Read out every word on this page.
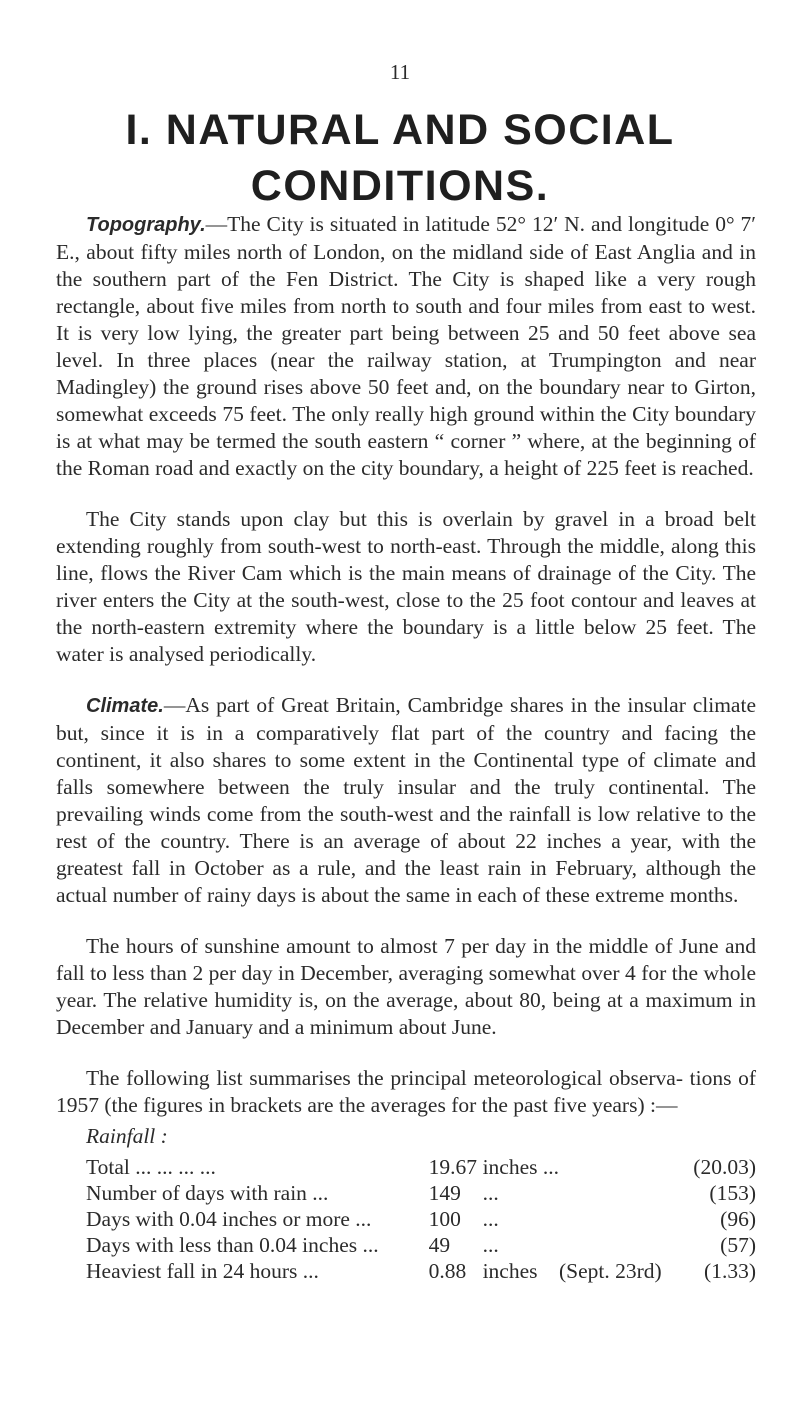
11
I. NATURAL AND SOCIAL
CONDITIONS.

Topography.—The City is situated in latitude 52° 12′ N. and longitude 0° 7′ E., about fifty miles north of London, on the midland side of East Anglia and in the southern part of the Fen District. The City is shaped like a very rough rectangle, about five miles from north to south and four miles from east to west. It is very low lying, the greater part being between 25 and 50 feet above sea level. In three places (near the railway station, at Trumpington and near Madingley) the ground rises above 50 feet and, on the boundary near to Girton, somewhat exceeds 75 feet. The only really high ground within the City boundary is at what may be termed the south eastern “ corner ” where, at the beginning of the Roman road and exactly on the city boundary, a height of 225 feet is reached.

The City stands upon clay but this is overlain by gravel in a broad belt extending roughly from south-west to north-east. Through the middle, along this line, flows the River Cam which is the main means of drainage of the City. The river enters the City at the south-west, close to the 25 foot contour and leaves at the north-eastern extremity where the boundary is a little below 25 feet. The water is analysed periodically.

Climate.—As part of Great Britain, Cambridge shares in the insular climate but, since it is in a comparatively flat part of the country and facing the continent, it also shares to some extent in the Continental type of climate and falls somewhere between the truly insular and the truly continental. The prevailing winds come from the south-west and the rainfall is low relative to the rest of the country. There is an average of about 22 inches a year, with the greatest fall in October as a rule, and the least rain in February, although the actual number of rainy days is about the same in each of these extreme months.

The hours of sunshine amount to almost 7 per day in the middle of June and fall to less than 2 per day in December, averaging somewhat over 4 for the whole year. The relative humidity is, on the average, about 80, being at a maximum in December and January and a minimum about June.

The following list summarises the principal meteorological observa- tions of 1957 (the figures in brackets are the averages for the past five years) :—

Rainfall :
Total ... ... ... ...	19.67	inches ...		(20.03)
Number of days with rain ...	149	...		(153)
Days with 0.04 inches or more ...	100	...		(96)
Days with less than 0.04 inches ...	49	...		(57)
Heaviest fall in 24 hours ...	0.88	inches	(Sept. 23rd)	(1.33)
